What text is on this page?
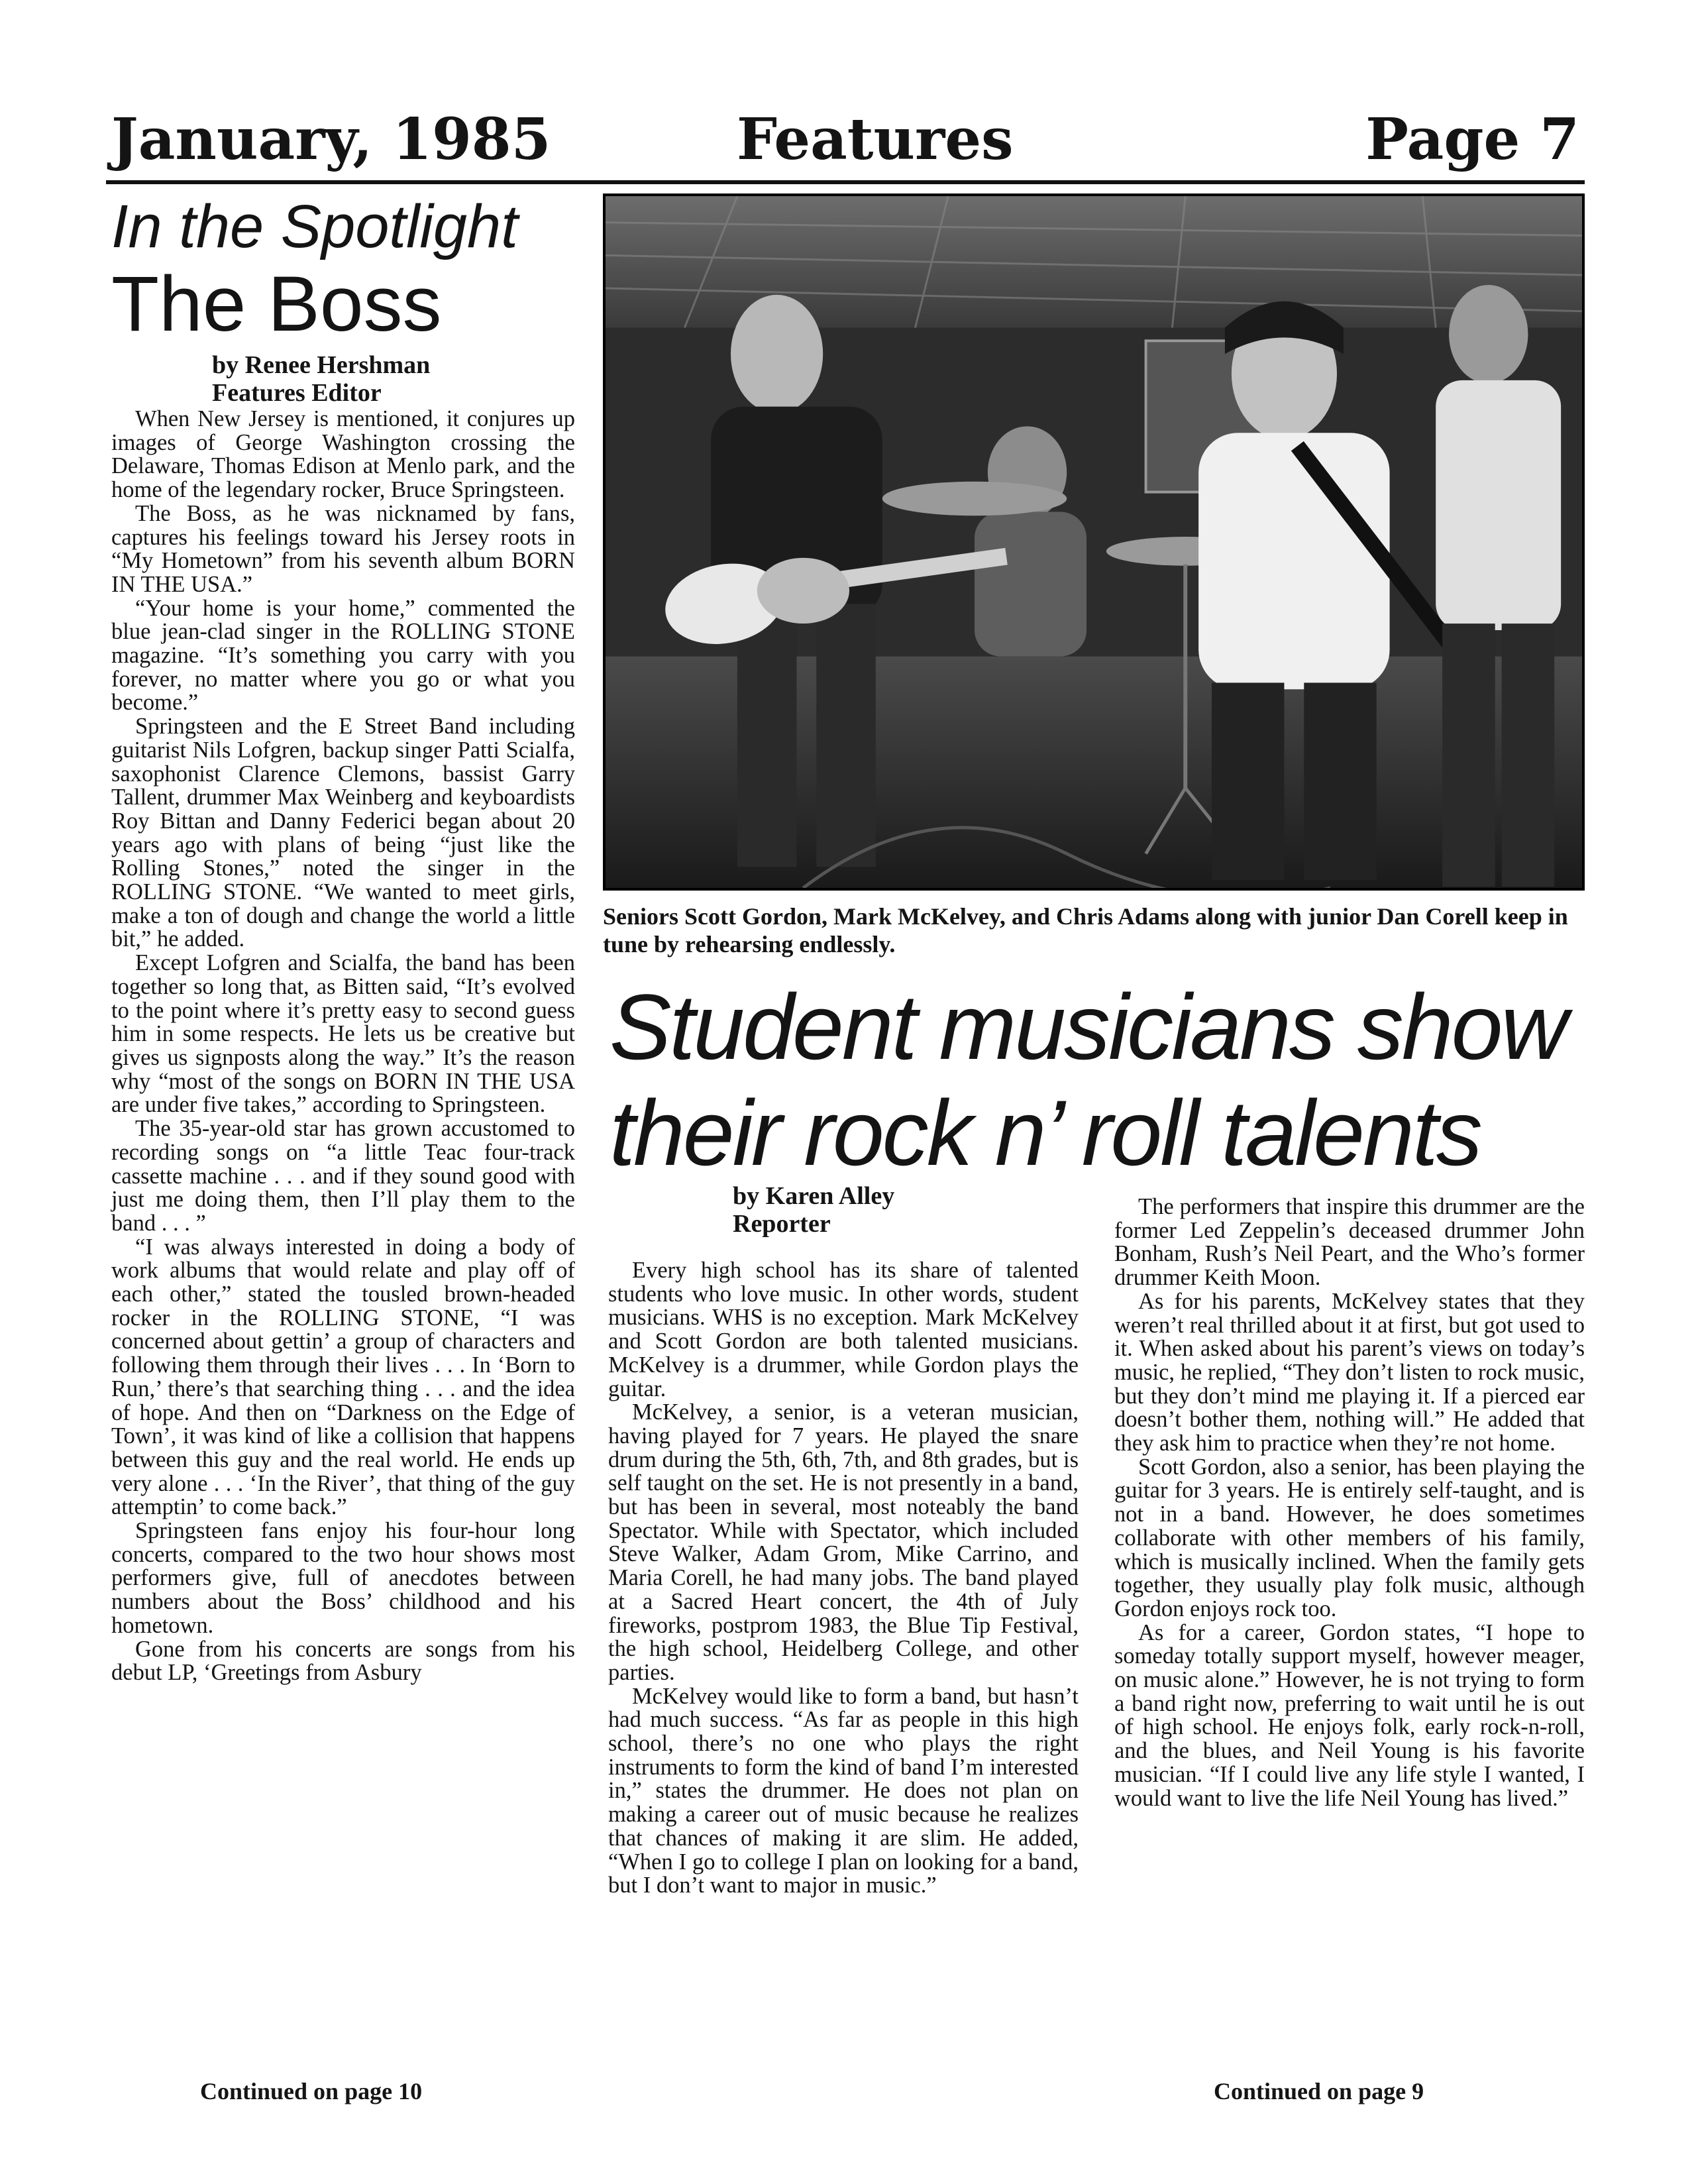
January, 1985	Features	Page 7
In the Spotlight
The Boss
by Renee Hershman
Features Editor

When New Jersey is mentioned, it conjures up images of George Washington crossing the Delaware, Thomas Edison at Menlo park, and the home of the legendary rocker, Bruce Springsteen.

The Boss, as he was nicknamed by fans, captures his feelings toward his Jersey roots in “My Hometown” from his seventh album BORN IN THE USA.”

“Your home is your home,” commented the blue jean-clad singer in the ROLLING STONE magazine. “It’s something you carry with you forever, no matter where you go or what you become.”

Springsteen and the E Street Band including guitarist Nils Lofgren, backup singer Patti Scialfa, saxophonist Clarence Clemons, bassist Garry Tallent, drummer Max Weinberg and keyboardists Roy Bittan and Danny Federici began about 20 years ago with plans of being “just like the Rolling Stones,” noted the singer in the ROLLING STONE. “We wanted to meet girls, make a ton of dough and change the world a little bit,” he added.

Except Lofgren and Scialfa, the band has been together so long that, as Bitten said, “It’s evolved to the point where it’s pretty easy to second guess him in some respects. He lets us be creative but gives us signposts along the way.” It’s the reason why “most of the songs on BORN IN THE USA are under five takes,” according to Springsteen.

The 35-year-old star has grown accustomed to recording songs on “a little Teac four-track cassette machine . . . and if they sound good with just me doing them, then I’ll play them to the band . . . ”

“I was always interested in doing a body of work albums that would relate and play off of each other,” stated the tousled brown-headed rocker in the ROLLING STONE, “I was concerned about gettin’ a group of characters and following them through their lives . . . In ‘Born to Run,’ there’s that searching thing . . . and the idea of hope. And then on “Darkness on the Edge of Town’, it was kind of like a collision that happens between this guy and the real world. He ends up very alone . . . ‘In the River’, that thing of the guy attemptin’ to come back.”

Springsteen fans enjoy his four-hour long concerts, compared to the two hour shows most performers give, full of anecdotes between numbers about the Boss’ childhood and his hometown.

Gone from his concerts are songs from his debut LP, ‘Greetings from Asbury

Continued on page 10
Seniors Scott Gordon, Mark McKelvey, and Chris Adams along with junior Dan Corell keep in tune by rehearsing endlessly.
Student musicians show
their rock n’ roll talents
by Karen Alley
Reporter

Every high school has its share of talented students who love music. In other words, student musicians. WHS is no exception. Mark McKelvey and Scott Gordon are both talented musicians. McKelvey is a drummer, while Gordon plays the guitar.

McKelvey, a senior, is a veteran musician, having played for 7 years. He played the snare drum during the 5th, 6th, 7th, and 8th grades, but is self taught on the set. He is not presently in a band, but has been in several, most noteably the band Spectator. While with Spectator, which included Steve Walker, Adam Grom, Mike Carrino, and Maria Corell, he had many jobs. The band played at a Sacred Heart concert, the 4th of July fireworks, postprom 1983, the Blue Tip Festival, the high school, Heidelberg College, and other parties.

McKelvey would like to form a band, but hasn’t had much success. “As far as people in this high school, there’s no one who plays the right instruments to form the kind of band I’m interested in,” states the drummer. He does not plan on making a career out of music because he realizes that chances of making it are slim. He added, “When I go to college I plan on looking for a band, but I don’t want to major in music.”

The performers that inspire this drummer are the former Led Zeppelin’s deceased drummer John Bonham, Rush’s Neil Peart, and the Who’s former drummer Keith Moon.

As for his parents, McKelvey states that they weren’t real thrilled about it at first, but got used to it. When asked about his parent’s views on today’s music, he replied, “They don’t listen to rock music, but they don’t mind me playing it. If a pierced ear doesn’t bother them, nothing will.” He added that they ask him to practice when they’re not home.

Scott Gordon, also a senior, has been playing the guitar for 3 years. He is entirely self-taught, and is not in a band. However, he does sometimes collaborate with other members of his family, which is musically inclined. When the family gets together, they usually play folk music, although Gordon enjoys rock too.

As for a career, Gordon states, “I hope to someday totally support myself, however meager, on music alone.” However, he is not trying to form a band right now, preferring to wait until he is out of high school. He enjoys folk, early rock-n-roll, and the blues, and Neil Young is his favorite musician. “If I could live any life style I wanted, I would want to live the life Neil Young has lived.”

Continued on page 9
